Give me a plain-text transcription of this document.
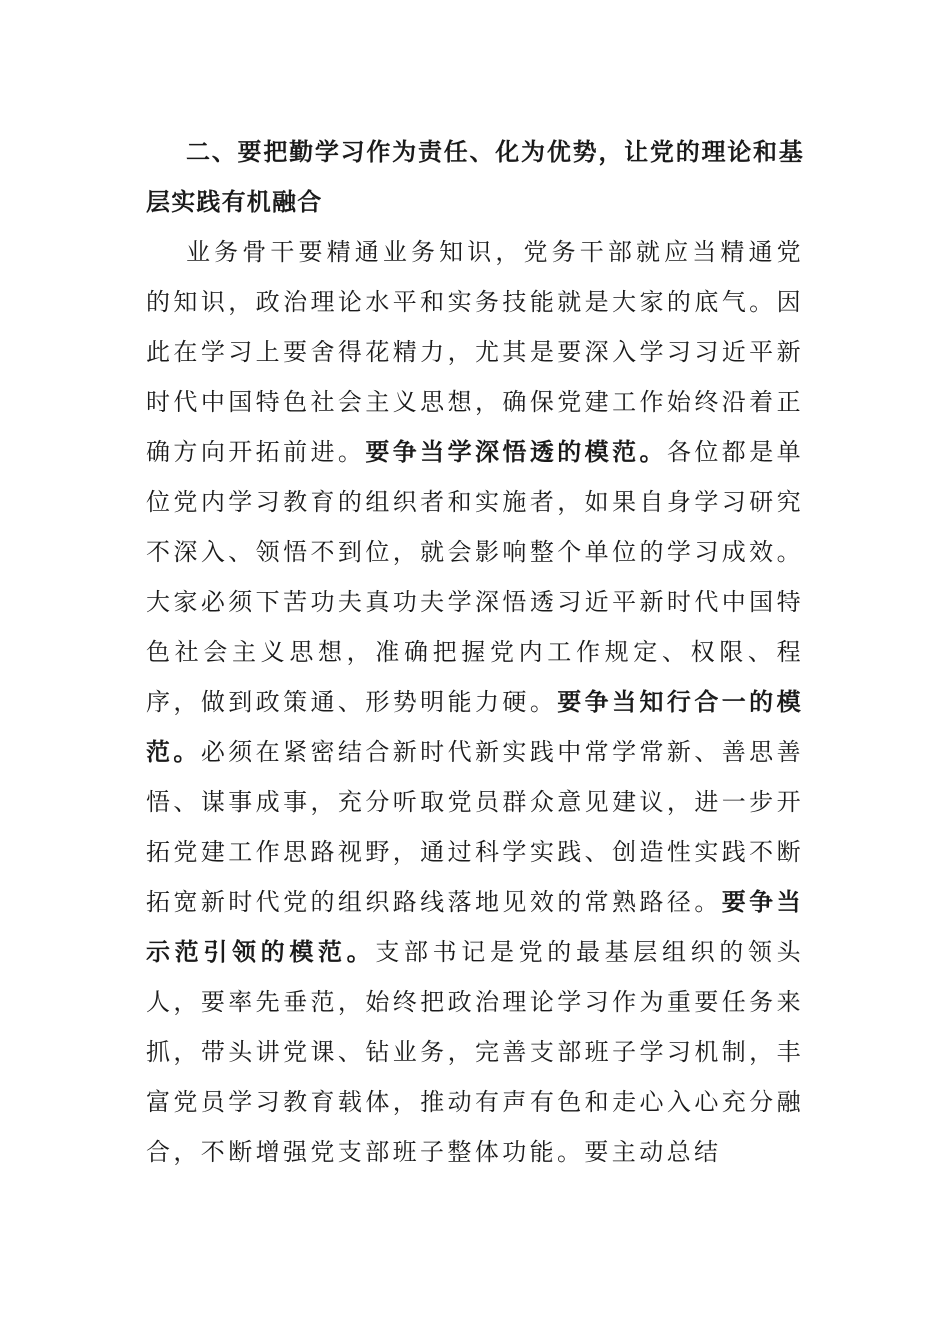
二、要把勤学习作为责任、化为优势，让党的理论和基层实践有机融合

业务骨干要精通业务知识，党务干部就应当精通党的知识，政治理论水平和实务技能就是大家的底气。因此在学习上要舍得花精力，尤其是要深入学习习近平新时代中国特色社会主义思想，确保党建工作始终沿着正确方向开拓前进。要争当学深悟透的模范。各位都是单位党内学习教育的组织者和实施者，如果自身学习研究不深入、领悟不到位，就会影响整个单位的学习成效。大家必须下苦功夫真功夫学深悟透习近平新时代中国特色社会主义思想，准确把握党内工作规定、权限、程序，做到政策通、形势明能力硬。要争当知行合一的模范。必须在紧密结合新时代新实践中常学常新、善思善悟、谋事成事，充分听取党员群众意见建议，进一步开拓党建工作思路视野，通过科学实践、创造性实践不断拓宽新时代党的组织路线落地见效的常熟路径。要争当示范引领的模范。支部书记是党的最基层组织的领头人，要率先垂范，始终把政治理论学习作为重要任务来抓，带头讲党课、钻业务，完善支部班子学习机制，丰富党员学习教育载体，推动有声有色和走心入心充分融合，不断增强党支部班子整体功能。要主动总结
